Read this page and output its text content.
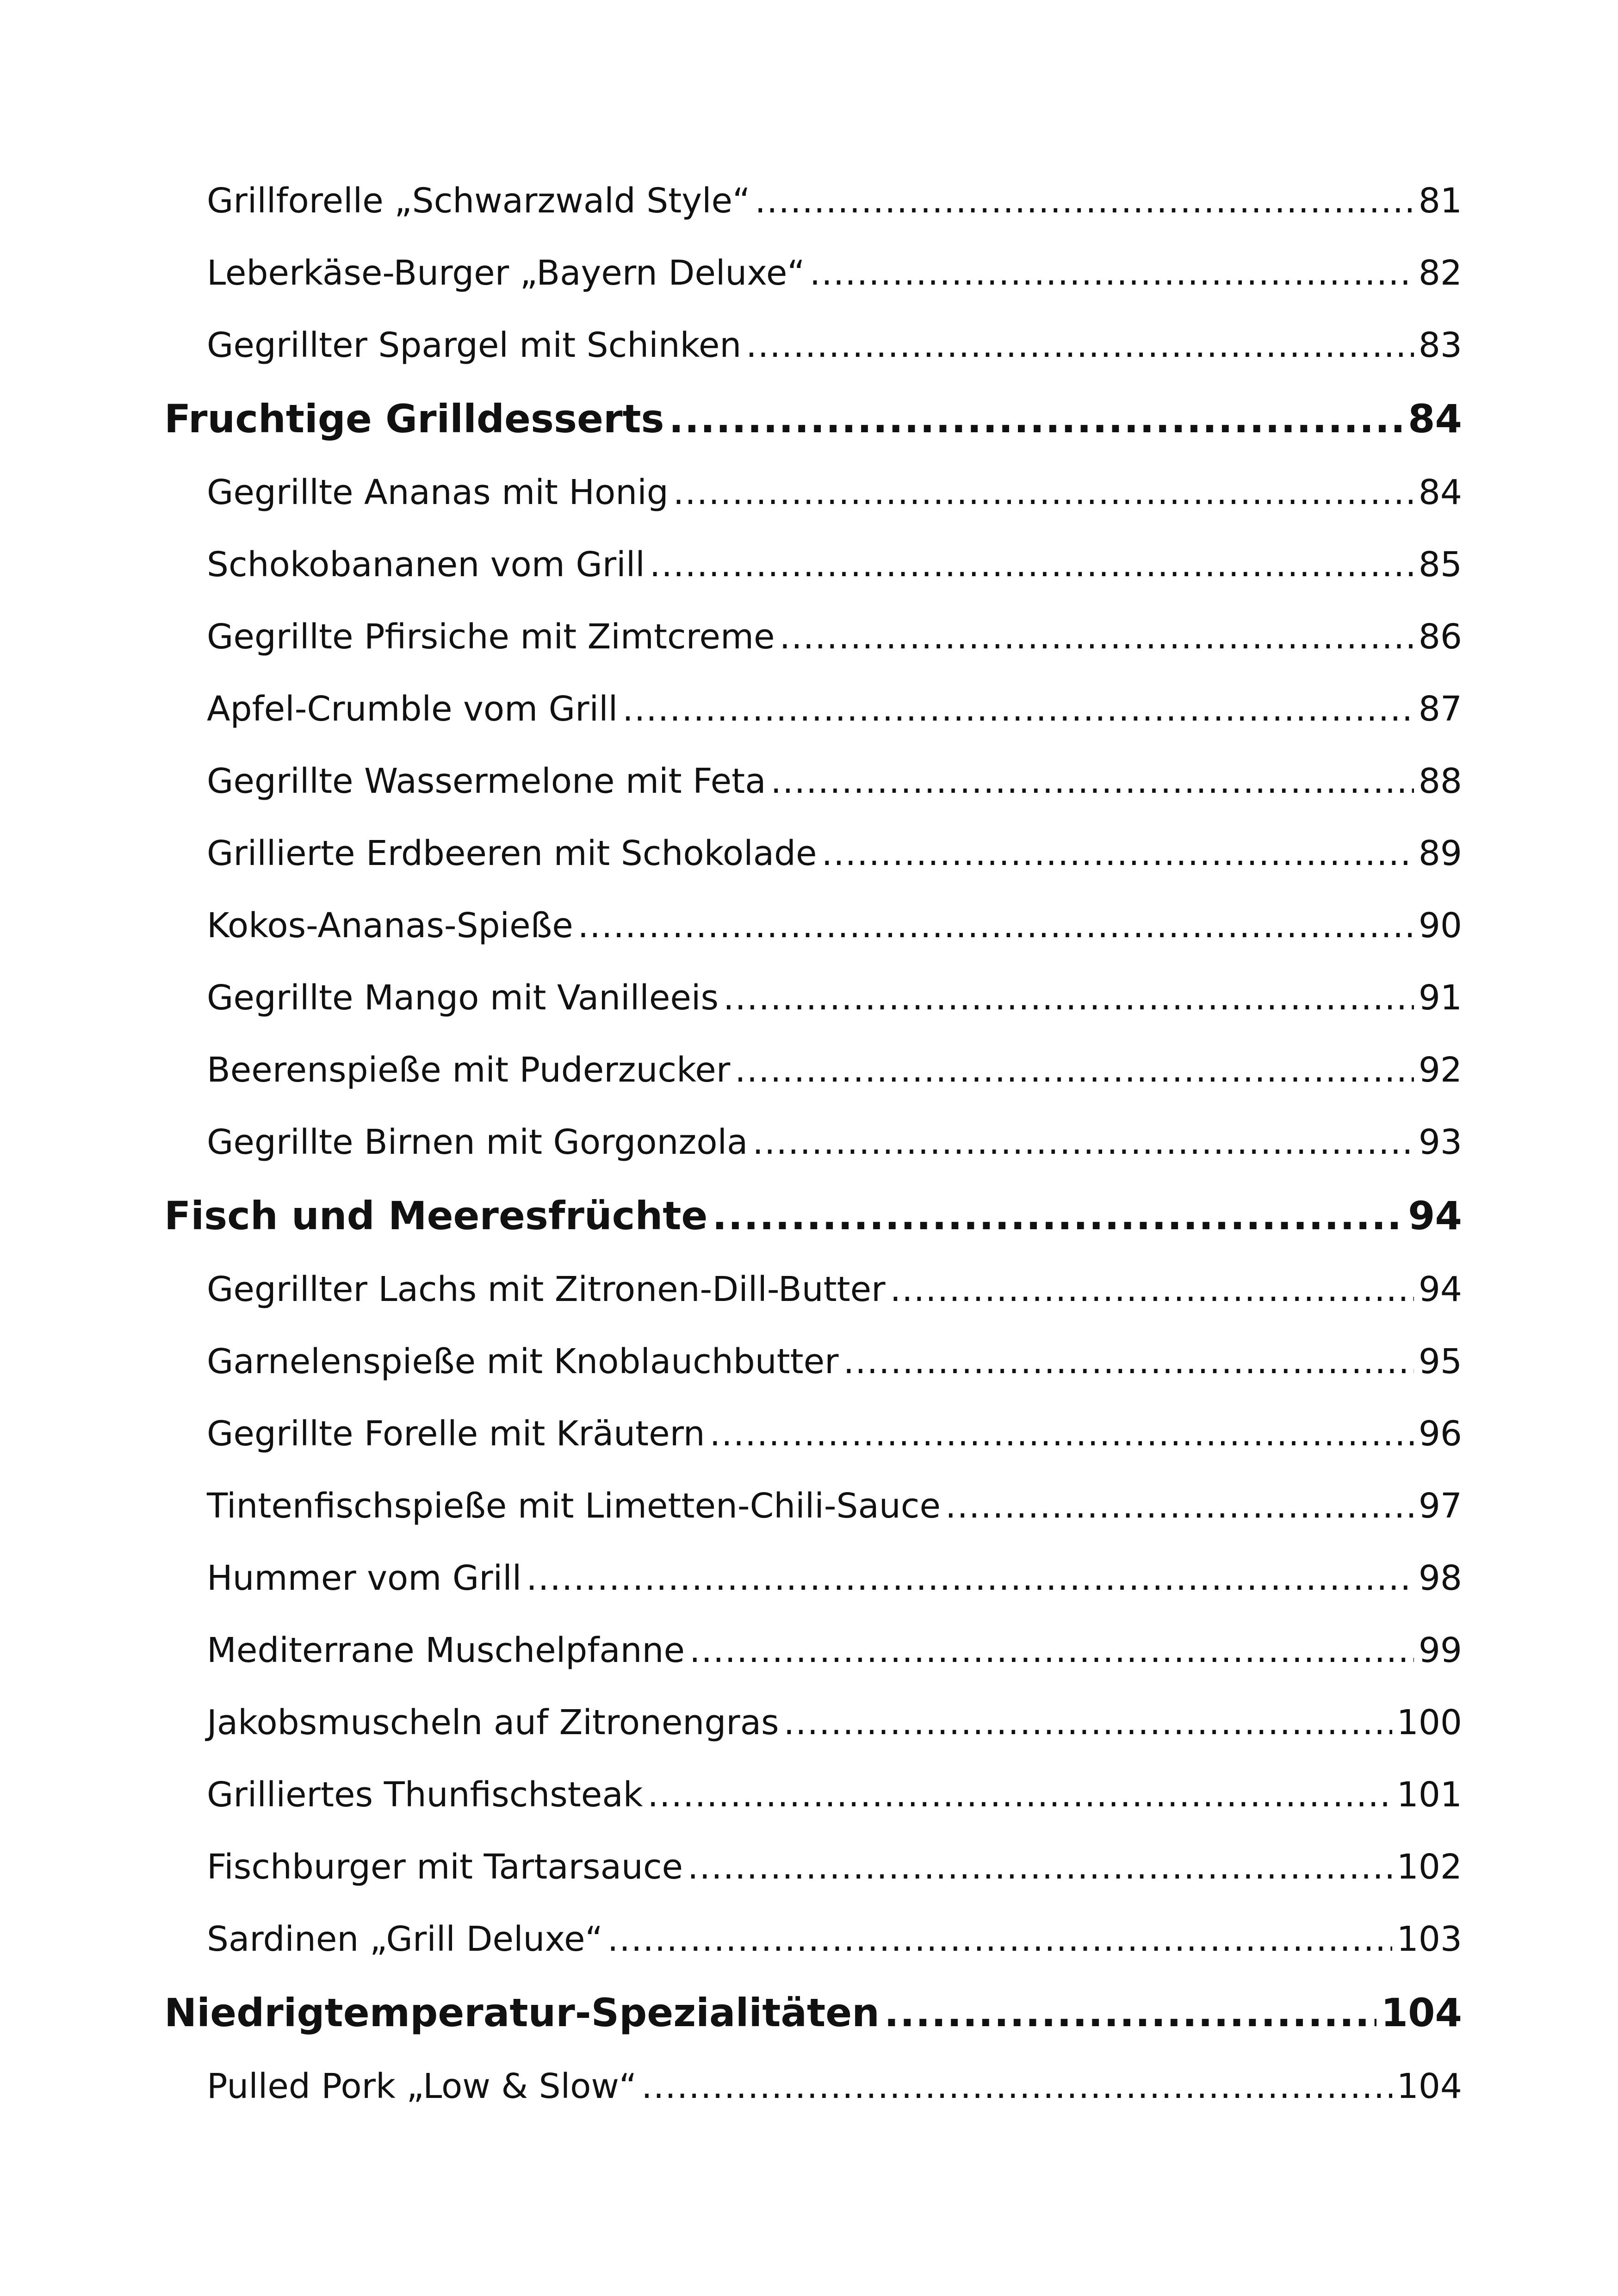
Grillforelle „Schwarzwald Style“ .....	81
Leberkäse-Burger „Bayern Deluxe“ .....	82
Gegrillter Spargel mit Schinken .....	83
Fruchtige Grilldesserts .....	84
Gegrillte Ananas mit Honig .....	84
Schokobananen vom Grill .....	85
Gegrillte Pfirsiche mit Zimtcreme .....	86
Apfel-Crumble vom Grill .....	87
Gegrillte Wassermelone mit Feta .....	88
Grillierte Erdbeeren mit Schokolade .....	89
Kokos-Ananas-Spieße .....	90
Gegrillte Mango mit Vanilleeis .....	91
Beerenspieße mit Puderzucker .....	92
Gegrillte Birnen mit Gorgonzola .....	93
Fisch und Meeresfrüchte .....	94
Gegrillter Lachs mit Zitronen-Dill-Butter .....	94
Garnelenspieße mit Knoblauchbutter .....	95
Gegrillte Forelle mit Kräutern .....	96
Tintenfischspieße mit Limetten-Chili-Sauce .....	97
Hummer vom Grill .....	98
Mediterrane Muschelpfanne .....	99
Jakobsmuscheln auf Zitronengras .....	100
Grilliertes Thunfischsteak .....	101
Fischburger mit Tartarsauce .....	102
Sardinen „Grill Deluxe“ .....	103
Niedrigtemperatur-Spezialitäten .....	104
Pulled Pork „Low & Slow“ .....	104
